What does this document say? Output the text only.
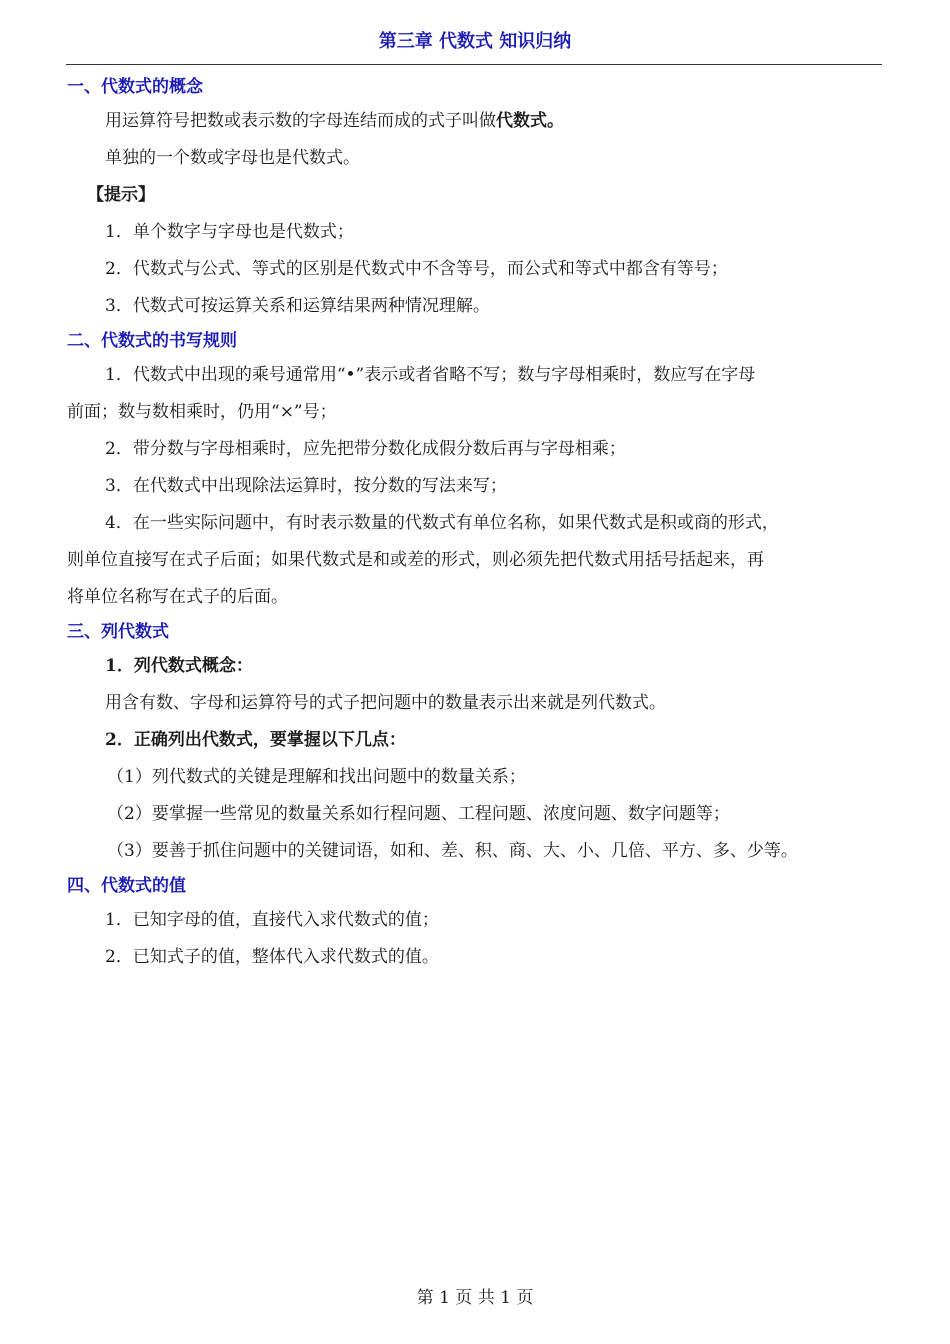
第三章 代数式 知识归纳
一、代数式的概念
用运算符号把数或表示数的字母连结而成的式子叫做代数式。
单独的一个数或字母也是代数式。
【提示】
1．单个数字与字母也是代数式；
2．代数式与公式、等式的区别是代数式中不含等号，而公式和等式中都含有等号；
3．代数式可按运算关系和运算结果两种情况理解。
二、代数式的书写规则
1．代数式中出现的乘号通常用“•”表示或者省略不写；数与字母相乘时，数应写在字母
前面；数与数相乘时，仍用“×”号；
2．带分数与字母相乘时，应先把带分数化成假分数后再与字母相乘；
3．在代数式中出现除法运算时，按分数的写法来写；
4．在一些实际问题中，有时表示数量的代数式有单位名称，如果代数式是积或商的形式，
则单位直接写在式子后面；如果代数式是和或差的形式，则必须先把代数式用括号括起来，再
将单位名称写在式子的后面。
三、列代数式
1．列代数式概念：
用含有数、字母和运算符号的式子把问题中的数量表示出来就是列代数式。
2．正确列出代数式，要掌握以下几点：
（1）列代数式的关键是理解和找出问题中的数量关系；
（2）要掌握一些常见的数量关系如行程问题、工程问题、浓度问题、数字问题等；
（3）要善于抓住问题中的关键词语，如和、差、积、商、大、小、几倍、平方、多、少等。
四、代数式的值
1．已知字母的值，直接代入求代数式的值；
2．已知式子的值，整体代入求代数式的值。
第 1 页 共 1 页
